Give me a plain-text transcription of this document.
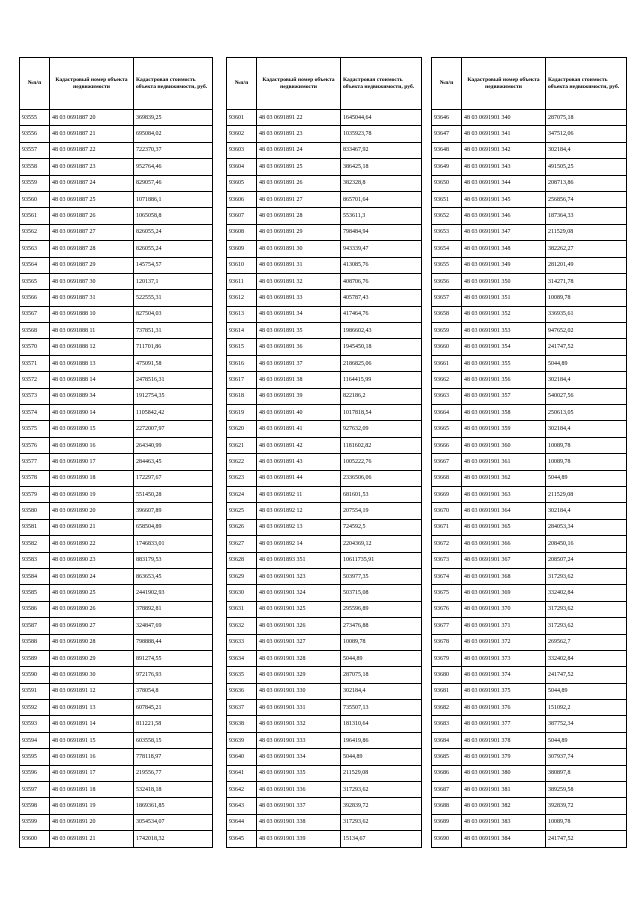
№п/п	Кадастровый номер объекта недвижимости	Кадастровая стоимость объекта недвижимости, руб.
93555	48 03 0691887 20	369839,25
93556	48 03 0691887 21	695084,02
93557	48 03 0691887 22	722370,37
93558	48 03 0691887 23	952764,46
93559	48 03 0691887 24	829057,46
93560	48 03 0691887 25	1071886,1
93561	48 03 0691887 26	1065058,8
93562	48 03 0691887 27	826055,24
93563	48 03 0691887 28	826055,24
93564	48 03 0691887 29	145754,57
93565	48 03 0691887 30	120137,1
93566	48 03 0691887 31	522555,31
93567	48 03 0691888 10	827504,03
93568	48 03 0691888 11	737851,31
93570	48 03 0691888 12	711701,86
93571	48 03 0691888 13	475091,58
93572	48 03 0691888 14	2478516,31
93573	48 03 0691889 34	1912754,35
93574	48 03 0691890 14	1105842,42
93575	48 03 0691890 15	2272007,97
93576	48 03 0691890 16	264340,99
93577	48 03 0691890 17	284463,45
93578	48 03 0691890 18	172297,67
93579	48 03 0691890 19	551450,28
93580	48 03 0691890 20	396607,89
93581	48 03 0691890 21	658504,89
93582	48 03 0691890 22	1746833,01
93583	48 03 0691890 23	883179,53
93584	48 03 0691890 24	863653,45
93585	48 03 0691890 25	2441902,93
93586	48 03 0691890 26	378892,81
93587	48 03 0691890 27	324847,69
93588	48 03 0691890 28	798888,44
93589	48 03 0691890 29	891274,55
93590	48 03 0691890 30	972176,93
93591	48 03 0691891 12	378054,8
93592	48 03 0691891 13	607845,21
93593	48 03 0691891 14	811221,58
93594	48 03 0691891 15	603558,15
93595	48 03 0691891 16	778118,97
93596	48 03 0691891 17	219556,77
93597	48 03 0691891 18	532418,18
93598	48 03 0691891 19	1869361,85
93599	48 03 0691891 20	3054534,07
93600	48 03 0691891 21	1742018,32
№п/п	Кадастровый номер объекта недвижимости	Кадастровая стоимость объекта недвижимости, руб.
93601	48 03 0691891 22	1645044,64
93602	48 03 0691891 23	1035923,78
93603	48 03 0691891 24	833467,92
93604	48 03 0691891 25	386425,18
93605	48 03 0691891 26	382328,8
93606	48 03 0691891 27	865701,64
93607	48 03 0691891 28	553611,3
93608	48 03 0691891 29	798484,94
93609	48 03 0691891 30	943339,47
93610	48 03 0691891 31	413085,76
93611	48 03 0691891 32	408706,76
93612	48 03 0691891 33	405787,43
93613	48 03 0691891 34	417464,76
93614	48 03 0691891 35	1986602,43
93615	48 03 0691891 36	1945450,18
93616	48 03 0691891 37	2186825,06
93617	48 03 0691891 38	1164415,99
93618	48 03 0691891 39	822186,2
93619	48 03 0691891 40	1017818,54
93620	48 03 0691891 41	927632,09
93621	48 03 0691891 42	1181602,82
93622	48 03 0691891 43	1005222,76
93623	48 03 0691891 44	2336506,06
93624	48 03 0691892 11	681601,53
93625	48 03 0691892 12	207554,19
93626	48 03 0691892 13	724592,5
93627	48 03 0691892 14	2204369,12
93628	48 03 0691893 351	10611735,91
93629	48 03 0691901 323	503977,35
93630	48 03 0691901 324	503715,08
93631	48 03 0691901 325	295596,89
93632	48 03 0691901 326	273476,88
93633	48 03 0691901 327	10089,78
93634	48 03 0691901 328	5044,89
93635	48 03 0691901 329	287075,18
93636	48 03 0691901 330	302184,4
93637	48 03 0691901 331	735507,13
93638	48 03 0691901 332	181310,64
93639	48 03 0691901 333	196419,86
93640	48 03 0691901 334	5044,89
93641	48 03 0691901 335	211529,08
93642	48 03 0691901 336	317293,62
93643	48 03 0691901 337	392839,72
93644	48 03 0691901 338	317293,62
93645	48 03 0691901 339	15134,67
№п/п	Кадастровый номер объекта недвижимости	Кадастровая стоимость объекта недвижимости, руб.
93646	48 03 0691901 340	287075,18
93647	48 03 0691901 341	347512,06
93648	48 03 0691901 342	302184,4
93649	48 03 0691901 343	491505,25
93650	48 03 0691901 344	208713,86
93651	48 03 0691901 345	256856,74
93652	48 03 0691901 346	187364,33
93653	48 03 0691901 347	211529,08
93654	48 03 0691901 348	382262,27
93655	48 03 0691901 349	281201,49
93656	48 03 0691901 350	314271,78
93657	48 03 0691901 351	10089,78
93658	48 03 0691901 352	336935,61
93659	48 03 0691901 353	947652,02
93660	48 03 0691901 354	241747,52
93661	48 03 0691901 355	5044,89
93662	48 03 0691901 356	302184,4
93663	48 03 0691901 357	540027,56
93664	48 03 0691901 358	250613,05
93665	48 03 0691901 359	302184,4
93666	48 03 0691901 360	10089,78
93667	48 03 0691901 361	10089,78
93668	48 03 0691901 362	5044,89
93669	48 03 0691901 363	211529,08
93670	48 03 0691901 364	302184,4
93671	48 03 0691901 365	284053,34
93672	48 03 0691901 366	208450,16
93673	48 03 0691901 367	208507,24
93674	48 03 0691901 368	317293,62
93675	48 03 0691901 369	332402,84
93676	48 03 0691901 370	317293,62
93677	48 03 0691901 371	317293,62
93678	48 03 0691901 372	269562,7
93679	48 03 0691901 373	332402,84
93680	48 03 0691901 374	241747,52
93681	48 03 0691901 375	5044,89
93682	48 03 0691901 376	151092,2
93683	48 03 0691901 377	387752,34
93684	48 03 0691901 378	5044,89
93685	48 03 0691901 379	307937,74
93686	48 03 0691901 380	380897,8
93687	48 03 0691901 381	389259,58
93688	48 03 0691901 382	392839,72
93689	48 03 0691901 383	10089,78
93690	48 03 0691901 384	241747,52
